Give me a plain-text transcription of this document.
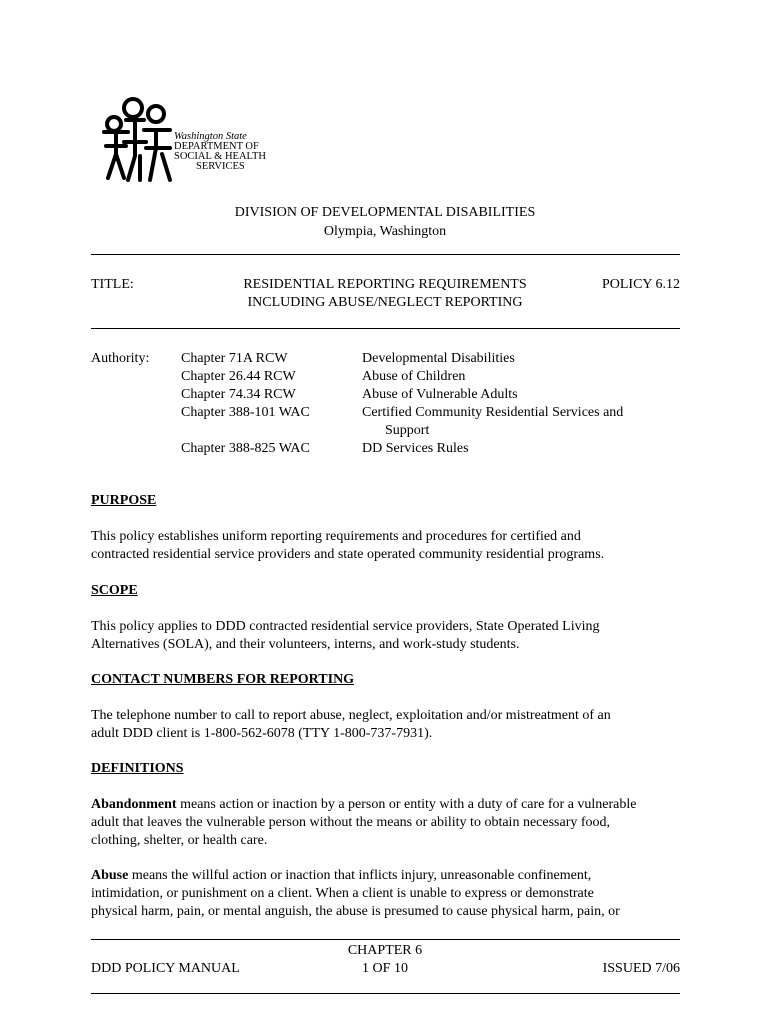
Washington State
DEPARTMENT OF
SOCIAL & HEALTH
SERVICES
DIVISION OF DEVELOPMENTAL DISABILITIES
Olympia, Washington
TITLE:	RESIDENTIAL REPORTING REQUIREMENTS
INCLUDING ABUSE/NEGLECT REPORTING
POLICY 6.12
Authority: Chapter 71A RCW
Chapter 26.44 RCW
Chapter 74.34 RCW
Chapter 388-101 WAC
Chapter 388-825 WAC
Developmental Disabilities
Abuse of Children
Abuse of Vulnerable Adults
Certified Community Residential Services and
Support
DD Services Rules
PURPOSE
This policy establishes uniform reporting requirements and procedures for certified and
contracted residential service providers and state operated community residential programs.
SCOPE
This policy applies to DDD contracted residential service providers, State Operated Living
Alternatives (SOLA), and their volunteers, interns, and work-study students.
CONTACT NUMBERS FOR REPORTING
The telephone number to call to report abuse, neglect, exploitation and/or mistreatment of an
adult DDD client is 1-800-562-6078 (TTY 1-800-737-7931).
DEFINITIONS
Abandonment means action or inaction by a person or entity with a duty of care for a vulnerable
adult that leaves the vulnerable person without the means or ability to obtain necessary food,
clothing, shelter, or health care.
Abuse means the willful action or inaction that inflicts injury, unreasonable confinement,
intimidation, or punishment on a client. When a client is unable to express or demonstrate
physical harm, pain, or mental anguish, the abuse is presumed to cause physical harm, pain, or
DDD POLICY MANUAL
CHAPTER 6
1 OF 10	ISSUED 7/06
